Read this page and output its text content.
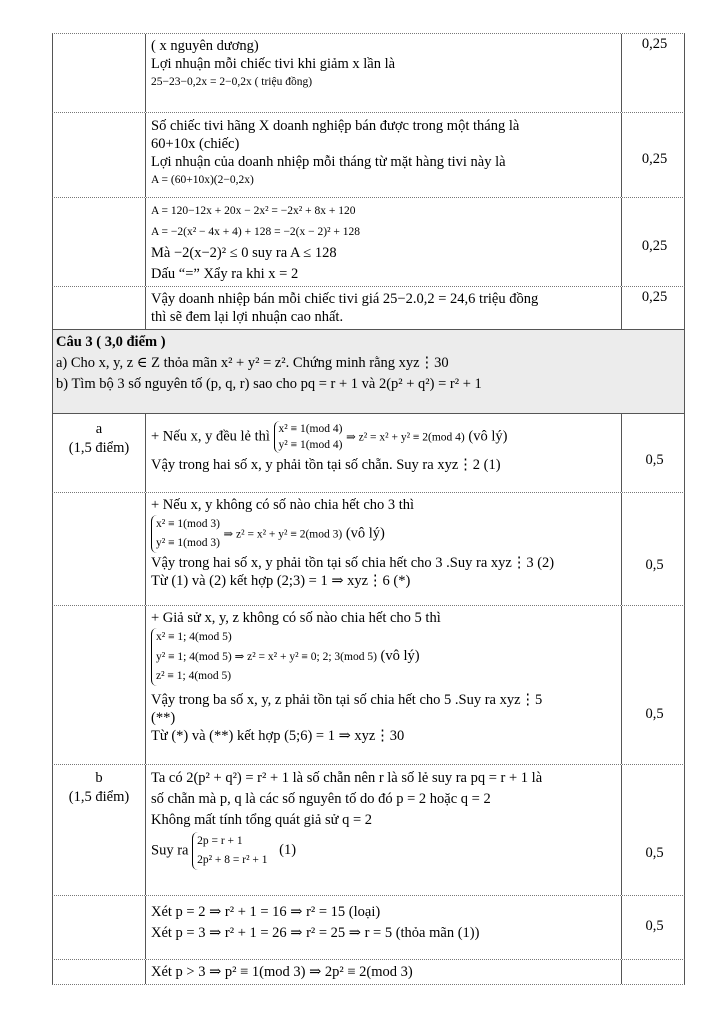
( x nguyên dương)
Lợi nhuận mỗi chiếc tivi khi giảm x lần là
25−23−0,2x = 2−0,2x ( triệu đồng)
0,25
Số chiếc tivi hãng X doanh nghiệp bán được trong một tháng là
60+10x (chiếc)
Lợi nhuận của doanh nhiệp mỗi tháng từ mặt hàng tivi này là
A = (60+10x)(2−0,2x)
0,25
A = 120−12x + 20x − 2x² = −2x² + 8x + 120
A = −2(x² − 4x + 4) + 128 = −2(x − 2)² + 128
Mà −2(x−2)² ≤ 0 suy ra A ≤ 128
Dấu “=” Xẩy ra khi x = 2
0,25
Vậy doanh nhiệp bán mỗi chiếc tivi giá 25−2.0,2 = 24,6 triệu đồng
thì sẽ đem lại lợi nhuận cao nhất.
0,25
Câu 3 ( 3,0 điểm )
a) Cho x, y, z ∈ Z thỏa mãn x² + y² = z². Chứng minh rằng xyz⋮30
b) Tìm bộ 3 số nguyên tố (p, q, r) sao cho pq = r + 1 và 2(p² + q²) = r² + 1
a
(1,5 điểm)
+ Nếu x, y đều lẻ thì x² ≡ 1(mod 4)
y² ≡ 1(mod 4)
⇒ z² = x² + y² ≡ 2(mod 4) (vô lý)
Vậy trong hai số x, y phải tồn tại số chẵn. Suy ra xyz⋮2 (1)	0,5
+ Nếu x, y không có số nào chia hết cho 3 thì
x² ≡ 1(mod 3)
y² ≡ 1(mod 3)
⇒ z² = x² + y² ≡ 2(mod 3) (vô lý)
Vậy trong hai số x, y phải tồn tại số chia hết cho 3 .Suy ra xyz⋮3 (2)
Từ (1) và (2) kết hợp (2;3) = 1 ⇒ xyz⋮6 (*)
0,5
+ Giả sử x, y, z không có số nào chia hết cho 5 thì
x² ≡ 1; 4(mod 5)
y² ≡ 1; 4(mod 5) ⇒ z² = x² + y² ≡ 0; 2; 3(mod 5) (vô lý)
z² ≡ 1; 4(mod 5)
Vậy trong ba số x, y, z phải tồn tại số chia hết cho 5 .Suy ra xyz⋮5
(**)
Từ (*) và (**) kết hợp (5;6) = 1 ⇒ xyz⋮30
0,5
b
(1,5 điểm)
Ta có 2(p² + q²) = r² + 1 là số chẵn nên r là số lẻ suy ra pq = r + 1 là
số chẵn mà p, q là các số nguyên tố do đó p = 2 hoặc q = 2
Không mất tính tổng quát giả sử q = 2
Suy ra
2p = r + 1
2p² + 8 = r² + 1
(1)	0,5
Xét p = 2 ⇒ r² + 1 = 16 ⇒ r² = 15 (loại)
Xét p = 3 ⇒ r² + 1 = 26 ⇒ r² = 25 ⇒ r = 5 (thỏa mãn (1))	0,5
Xét p > 3 ⇒ p² ≡ 1(mod 3) ⇒ 2p² ≡ 2(mod 3)
